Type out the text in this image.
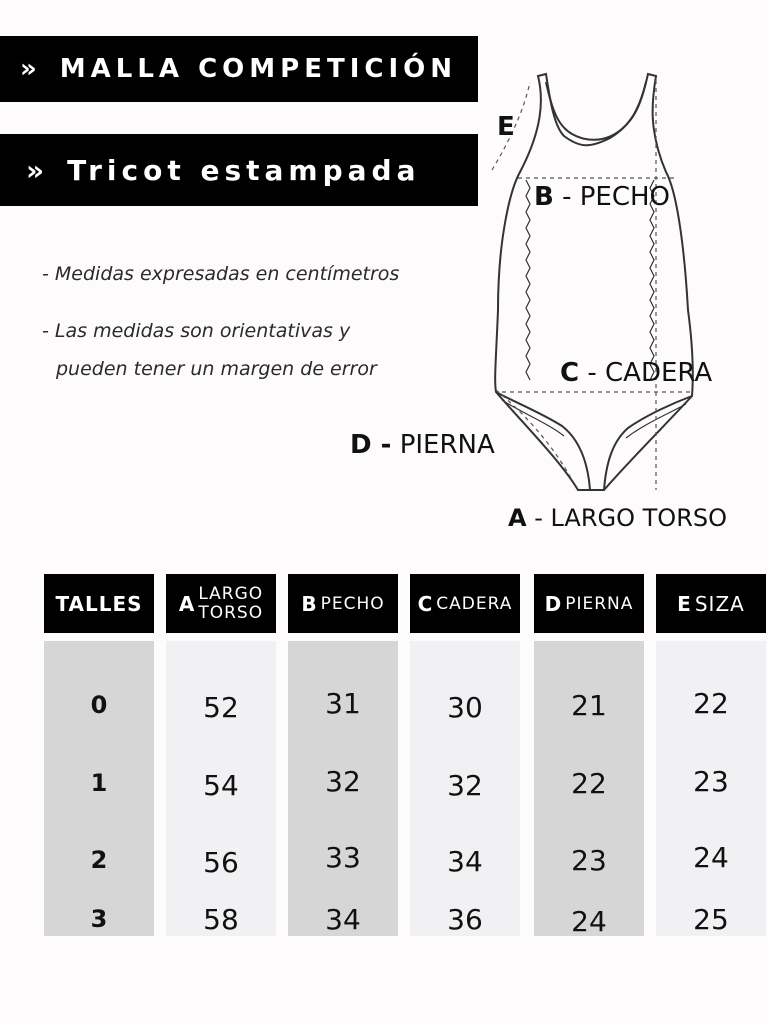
» MALLA COMPETICIÓN
» Tricot estampada
- Medidas expresadas en centímetros
- Las medidas son orientativas y
pueden tener un margen de error
E
B - PECHO
C - CADERA
D - PIERNA
A - LARGO TORSO
TALLES
0
1
2
3
A LARGO
TORSO
52
54
56
58
B PECHO
31
32
33
34
C CADERA
30
32
34
36
D PIERNA
21
22
23
24
E SIZA
22
23
24
25
